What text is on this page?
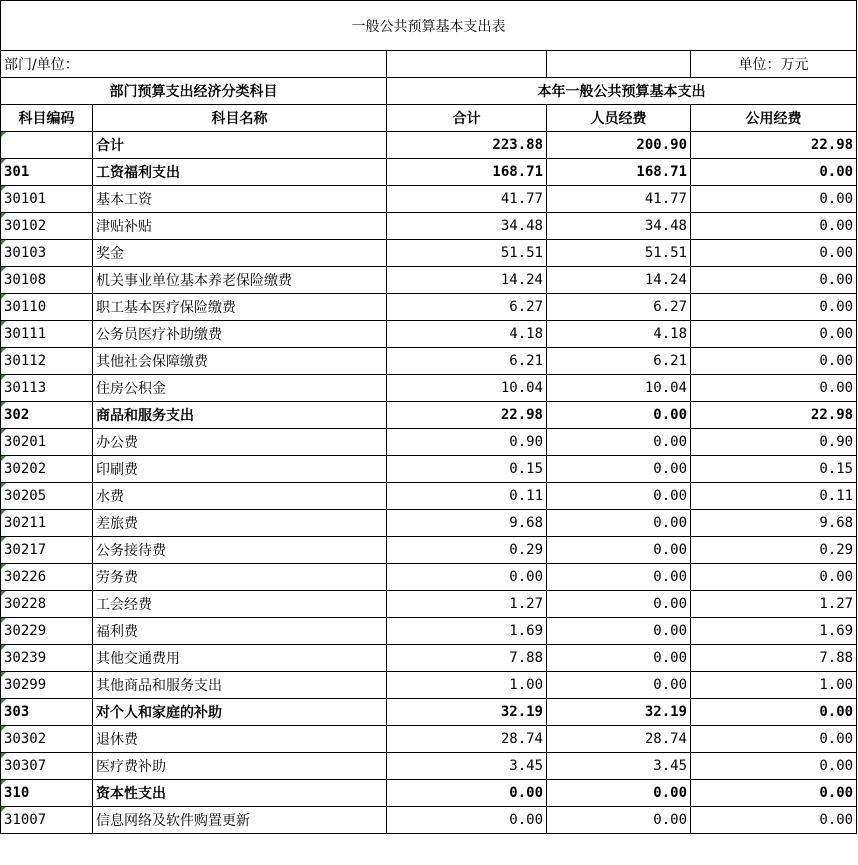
一般公共预算基本支出表				
部门/单位：				单位：万元
部门预算支出经济分类科目		本年一般公共预算基本支出		
科目编码	科目名称	合计	人员经费	公用经费

	合计	223.88	200.90	22.98
301	工资福利支出	168.71	168.71	0.00
30101	基本工资	41.77	41.77	0.00
30102	津贴补贴	34.48	34.48	0.00
30103	奖金	51.51	51.51	0.00
30108	机关事业单位基本养老保险缴费	14.24	14.24	0.00
30110	职工基本医疗保险缴费	6.27	6.27	0.00
30111	公务员医疗补助缴费	4.18	4.18	0.00
30112	其他社会保障缴费	6.21	6.21	0.00
30113	住房公积金	10.04	10.04	0.00
302	商品和服务支出	22.98	0.00	22.98
30201	办公费	0.90	0.00	0.90
30202	印刷费	0.15	0.00	0.15
30205	水费	0.11	0.00	0.11
30211	差旅费	9.68	0.00	9.68
30217	公务接待费	0.29	0.00	0.29
30226	劳务费	0.00	0.00	0.00
30228	工会经费	1.27	0.00	1.27
30229	福利费	1.69	0.00	1.69
30239	其他交通费用	7.88	0.00	7.88
30299	其他商品和服务支出	1.00	0.00	1.00
303	对个人和家庭的补助	32.19	32.19	0.00
30302	退休费	28.74	28.74	0.00
30307	医疗费补助	3.45	3.45	0.00
310	资本性支出	0.00	0.00	0.00
31007	信息网络及软件购置更新	0.00	0.00	0.00
